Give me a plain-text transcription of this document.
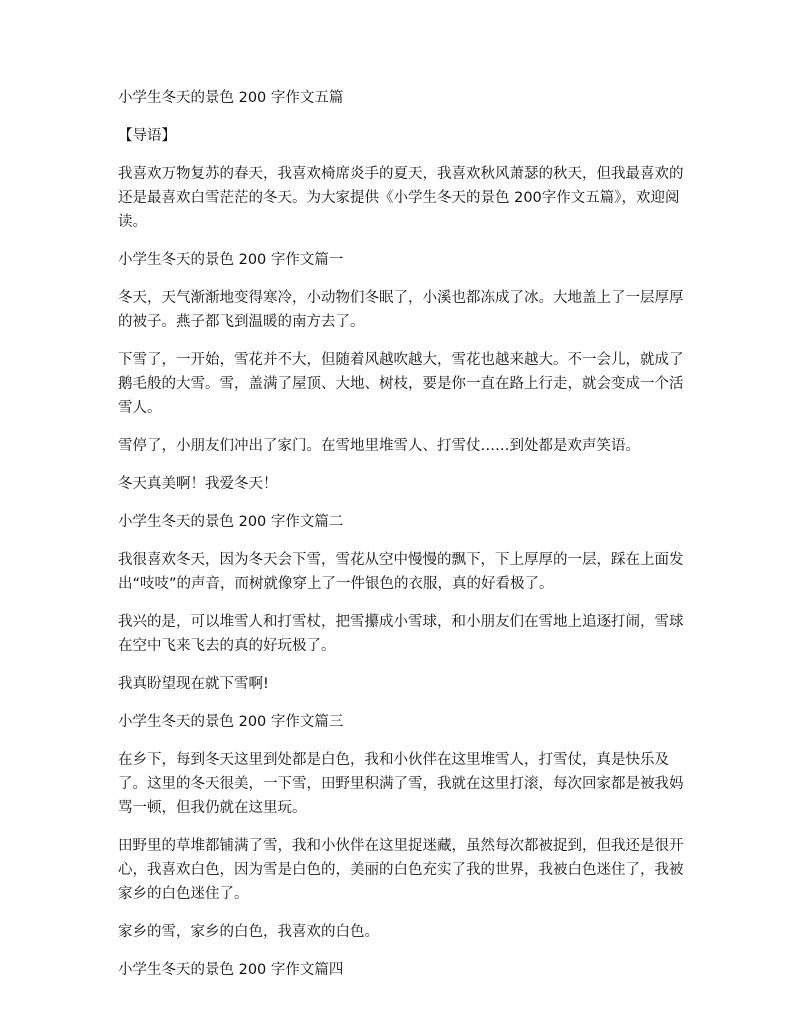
小学生冬天的景色 200 字作文五篇

【导语】

我喜欢万物复苏的春天，我喜欢椅席炎手的夏天，我喜欢秋风萧瑟的秋天，但我最喜欢的还是最喜欢白雪茫茫的冬天。为大家提供《小学生冬天的景色 200字作文五篇》，欢迎阅读。

小学生冬天的景色 200 字作文篇一

冬天，天气渐渐地变得寒冷，小动物们冬眠了，小溪也都冻成了冰。大地盖上了一层厚厚的被子。燕子都飞到温暖的南方去了。

下雪了，一开始，雪花并不大，但随着风越吹越大，雪花也越来越大。不一会儿，就成了鹅毛般的大雪。雪，盖满了屋顶、大地、树枝，要是你一直在路上行走，就会变成一个活雪人。

雪停了，小朋友们冲出了家门。在雪地里堆雪人、打雪仗……到处都是欢声笑语。

冬天真美啊！我爱冬天！

小学生冬天的景色 200 字作文篇二

我很喜欢冬天，因为冬天会下雪，雪花从空中慢慢的飘下，下上厚厚的一层，踩在上面发出“吱吱”的声音，而树就像穿上了一件银色的衣服，真的好看极了。

我兴的是，可以堆雪人和打雪杖，把雪攥成小雪球，和小朋友们在雪地上追逐打闹，雪球在空中飞来飞去的真的好玩极了。

我真盼望现在就下雪啊!

小学生冬天的景色 200 字作文篇三

在乡下，每到冬天这里到处都是白色，我和小伙伴在这里堆雪人，打雪仗，真是快乐及了。这里的冬天很美，一下雪，田野里积满了雪，我就在这里打滚，每次回家都是被我妈骂一顿，但我仍就在这里玩。

田野里的草堆都铺满了雪，我和小伙伴在这里捉迷藏，虽然每次都被捉到，但我还是很开心，我喜欢白色，因为雪是白色的，美丽的白色充实了我的世界，我被白色迷住了，我被家乡的白色迷住了。

家乡的雪，家乡的白色，我喜欢的白色。

小学生冬天的景色 200 字作文篇四
